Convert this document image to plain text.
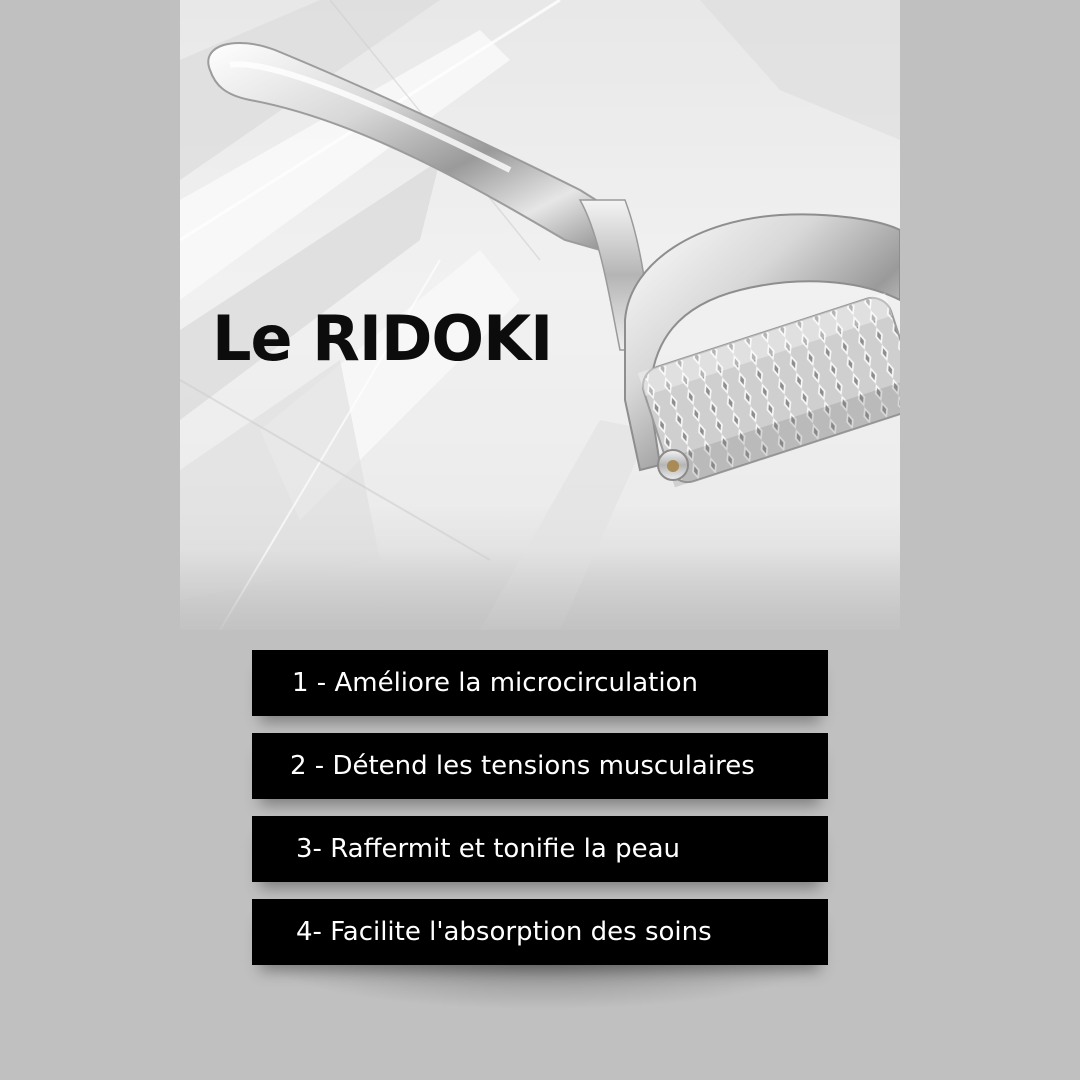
Le RIDOKI
1 - Améliore la microcirculation
2 - Détend les tensions musculaires
3- Raffermit et tonifie la peau
4- Facilite l'absorption des soins
